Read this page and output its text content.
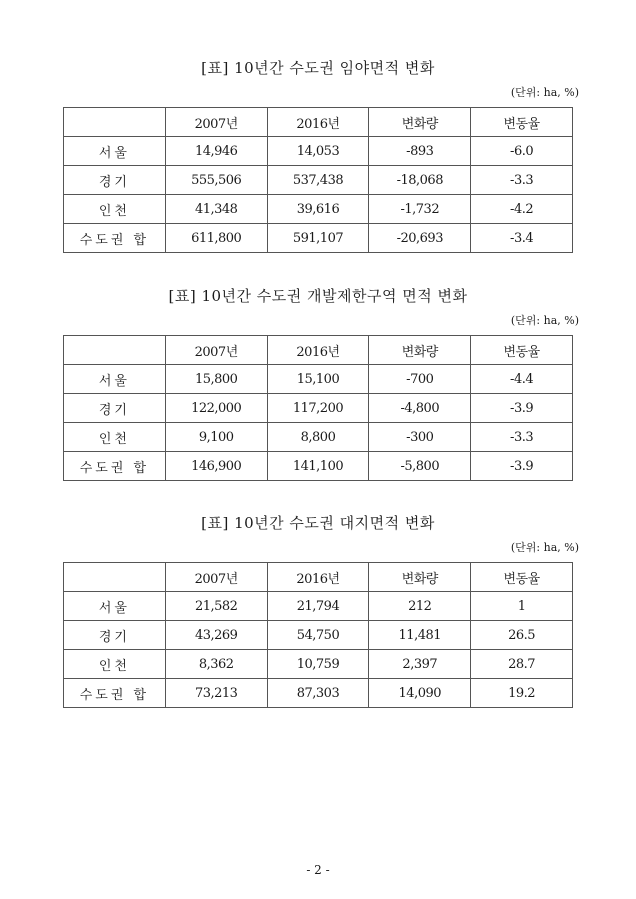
[표] 10년간 수도권 임야면적 변화
(단위: ha, %)
	2007년	2016년	변화량	변동율
서울	14,946	14,053	-893	-6.0
경기	555,506	537,438	-18,068	-3.3
인천	41,348	39,616	-1,732	-4.2
수도권 합	611,800	591,107	-20,693	-3.4
[표] 10년간 수도권 개발제한구역 면적 변화
(단위: ha, %)
	2007년	2016년	변화량	변동율
서울	15,800	15,100	-700	-4.4
경기	122,000	117,200	-4,800	-3.9
인천	9,100	8,800	-300	-3.3
수도권 합	146,900	141,100	-5,800	-3.9
[표] 10년간 수도권 대지면적 변화
(단위: ha, %)
	2007년	2016년	변화량	변동율
서울	21,582	21,794	212	1
경기	43,269	54,750	11,481	26.5
인천	8,362	10,759	2,397	28.7
수도권 합	73,213	87,303	14,090	19.2
- 2 -
